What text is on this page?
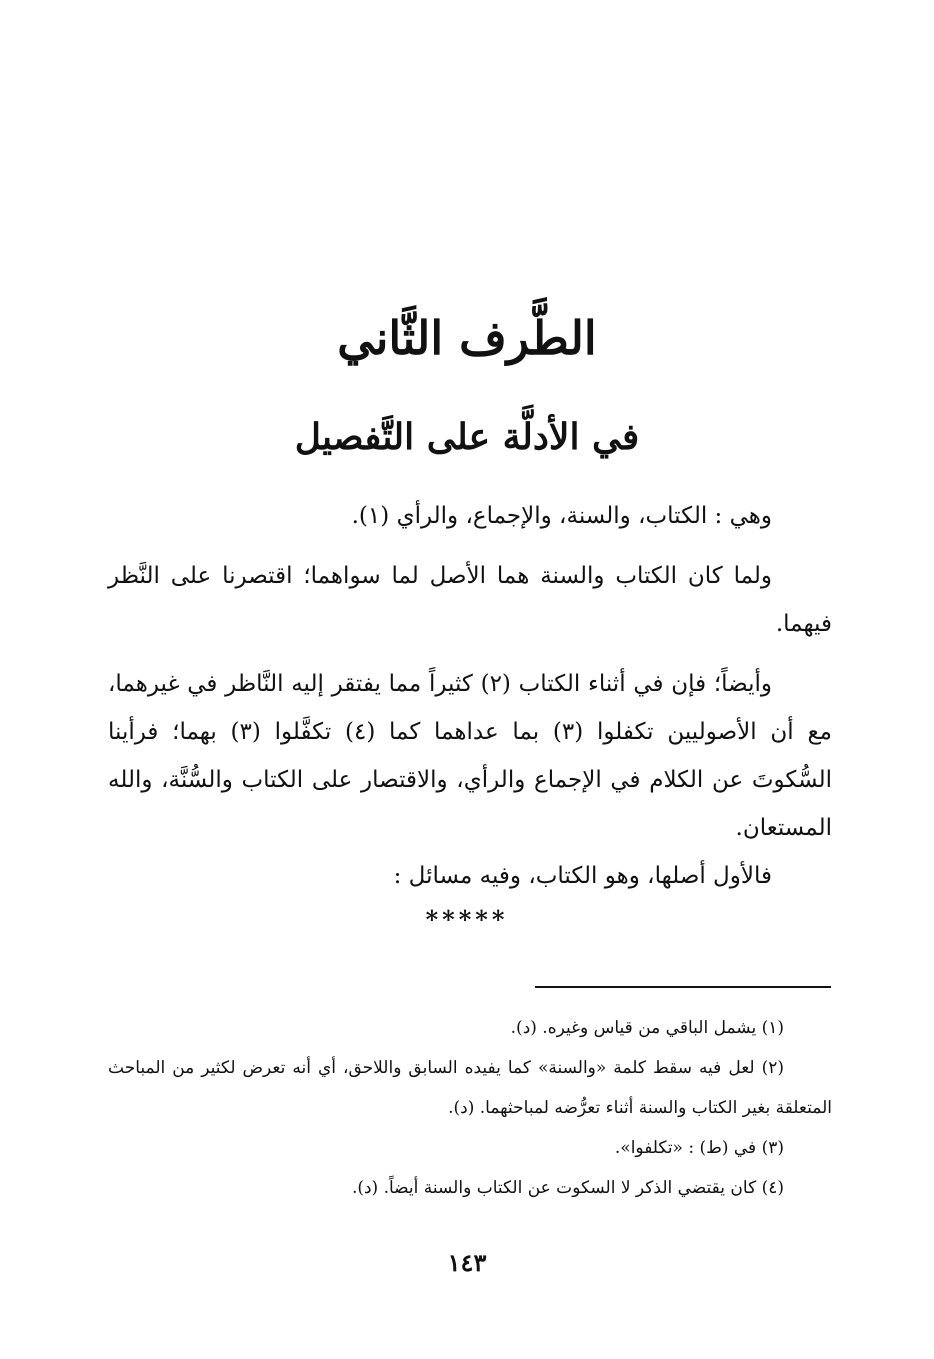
الطَّرف الثَّاني
في الأدلَّة على التَّفصيل

وهي : الكتاب، والسنة، والإجماع، والرأي (١).

ولما كان الكتاب والسنة هما الأصل لما سواهما؛ اقتصرنا على النَّظر فيهما.

وأيضاً؛ فإن في أثناء الكتاب (٢) كثيراً مما يفتقر إليه النَّاظر في غيرهما، مع أن الأصوليين تكفلوا (٣) بما عداهما كما (٤) تكفَّلوا (٣) بهما؛ فرأينا السُّكوتَ عن الكلام في الإجماع والرأي، والاقتصار على الكتاب والسُّنَّة، والله المستعان.

فالأول أصلها، وهو الكتاب، وفيه مسائل :

*****

(١) يشمل الباقي من قياس وغيره. (د).

(٢) لعل فيه سقط كلمة «والسنة» كما يفيده السابق واللاحق، أي أنه تعرض لكثير من المباحث المتعلقة بغير الكتاب والسنة أثناء تعرُّضه لمباحثهما. (د).

(٣) في (ط) : «تكلفوا».

(٤) كان يقتضي الذكر لا السكوت عن الكتاب والسنة أيضاً. (د).

١٤٣
